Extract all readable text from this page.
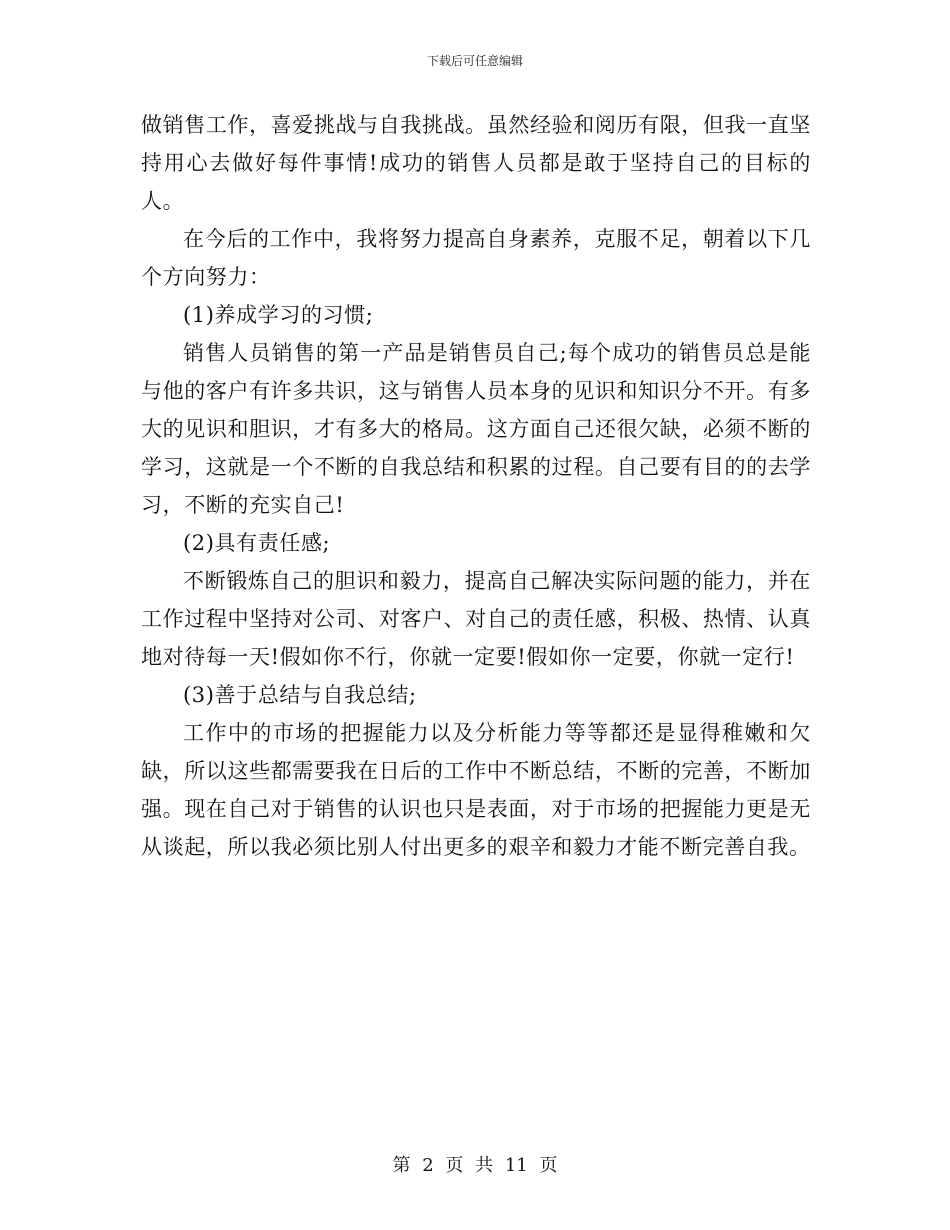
下载后可任意编辑

做销售工作，喜爱挑战与自我挑战。虽然经验和阅历有限，但我一直坚持用心去做好每件事情!成功的销售人员都是敢于坚持自己的目标的人。

在今后的工作中，我将努力提高自身素养，克服不足，朝着以下几个方向努力：

(1)养成学习的习惯;

销售人员销售的第一产品是销售员自己;每个成功的销售员总是能与他的客户有许多共识，这与销售人员本身的见识和知识分不开。有多大的见识和胆识，才有多大的格局。这方面自己还很欠缺，必须不断的学习，这就是一个不断的自我总结和积累的过程。自己要有目的的去学习，不断的充实自己!

(2)具有责任感;

不断锻炼自己的胆识和毅力，提高自己解决实际问题的能力，并在工作过程中坚持对公司、对客户、对自己的责任感，积极、热情、认真地对待每一天!假如你不行，你就一定要!假如你一定要，你就一定行!

(3)善于总结与自我总结;

工作中的市场的把握能力以及分析能力等等都还是显得稚嫩和欠缺，所以这些都需要我在日后的工作中不断总结，不断的完善，不断加强。现在自己对于销售的认识也只是表面，对于市场的把握能力更是无从谈起，所以我必须比别人付出更多的艰辛和毅力才能不断完善自我。

第 2 页 共 11 页
